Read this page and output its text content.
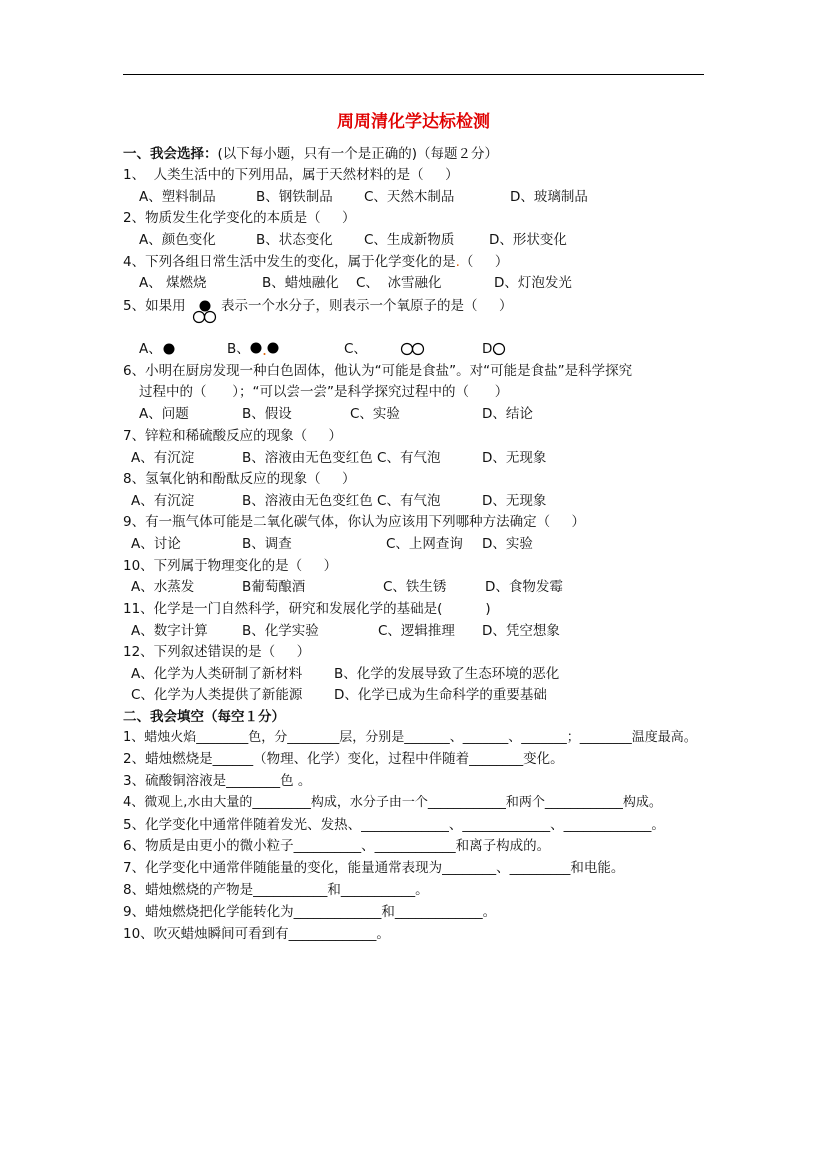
周周清化学达标检测
一、我会选择：(以下每小题，只有一个是正确的)（每题２分）
1、  人类生活中的下列用品，属于天然材料的是（     ）
A、塑料制品	B、钢铁制品 C、天然木制品	D、玻璃制品
2、物质发生化学变化的本质是（     ）
A、颜色变化	B、状态变化 C、生成新物质	D、形状变化
4、下列各组日常生活中发生的变化，属于化学变化的是.（     ）
A、 煤燃烧	B、蜡烛融化 C、  冰雪融化	D、灯泡发光
5、如果用	表示一个水分子，则表示一个氧原子的是（     ）
A、	B、	C、	D、
6、小明在厨房发现一种白色固体，他认为“可能是食盐”。对“可能是食盐”是科学探究
过程中的（      ）；“可以尝一尝”是科学探究过程中的（      ）
A、问题	B、假设	C、实验	D、结论
7、锌粒和稀硫酸反应的现象（     ）
A、有沉淀	B、溶液由无色变红色 C、有气泡	D、无现象
8、氢氧化钠和酚酞反应的现象（     ）
A、有沉淀	B、溶液由无色变红色 C、有气泡	D、无现象
9、有一瓶气体可能是二氧化碳气体，你认为应该用下列哪种方法确定（     ）
A、讨论	B、调查	C、上网查询 D、实验
10、下列属于物理变化的是（     ）
A、水蒸发	B葡萄酿酒	C、铁生锈	D、食物发霉
11、化学是一门自然科学，研究和发展化学的基础是(          )
A、数字计算	B、化学实验	C、逻辑推理 D、凭空想象
12、下列叙述错误的是（     ）
A、化学为人类研制了新材料 B、化学的发展导致了生态环境的恶化
C、化学为人类提供了新能源 D、化学已成为生命科学的重要基础
二、我会填空（每空１分）
1、蜡烛火焰________色，分________层，分别是_______、_______、_______；________温度最高。
2、蜡烛燃烧是______（物理、化学）变化，过程中伴随着________变化。
3、硫酸铜溶液是________色 。
4、微观上,水由大量的_________构成，水分子由一个____________和两个____________构成。
5、化学变化中通常伴随着发光、发热、_____________、_____________、_____________。
6、物质是由更小的微小粒子__________、____________和离子构成的。
7、化学变化中通常伴随能量的变化，能量通常表现为________、_________和电能。
8、蜡烛燃烧的产物是___________和___________。
9、蜡烛燃烧把化学能转化为_____________和_____________。
10、吹灭蜡烛瞬间可看到有_____________。
